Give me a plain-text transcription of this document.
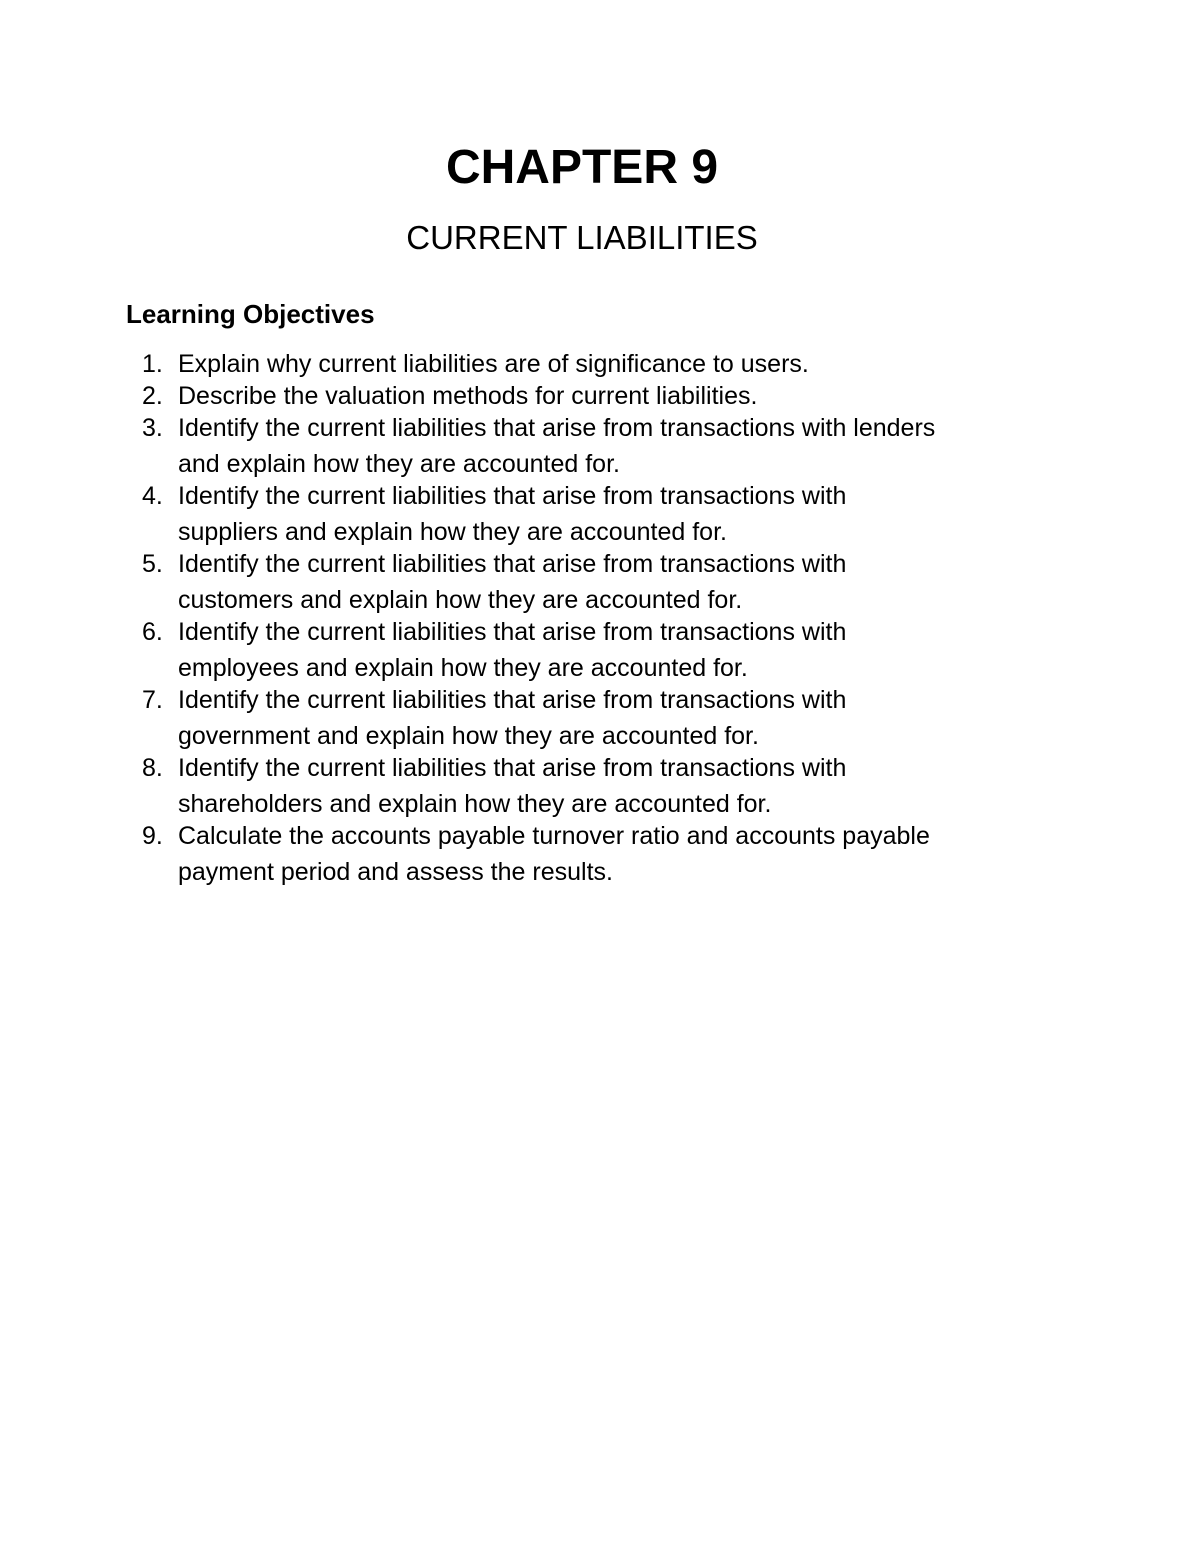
CHAPTER 9
CURRENT LIABILITIES
Learning Objectives
1. Explain why current liabilities are of significance to users.
2. Describe the valuation methods for current liabilities.
3. Identify the current liabilities that arise from transactions with lenders and explain how they are accounted for.
4. Identify the current liabilities that arise from transactions with suppliers and explain how they are accounted for.
5. Identify the current liabilities that arise from transactions with customers and explain how they are accounted for.
6. Identify the current liabilities that arise from transactions with employees and explain how they are accounted for.
7. Identify the current liabilities that arise from transactions with government and explain how they are accounted for.
8. Identify the current liabilities that arise from transactions with shareholders and explain how they are accounted for.
9. Calculate the accounts payable turnover ratio and accounts payable payment period and assess the results.
